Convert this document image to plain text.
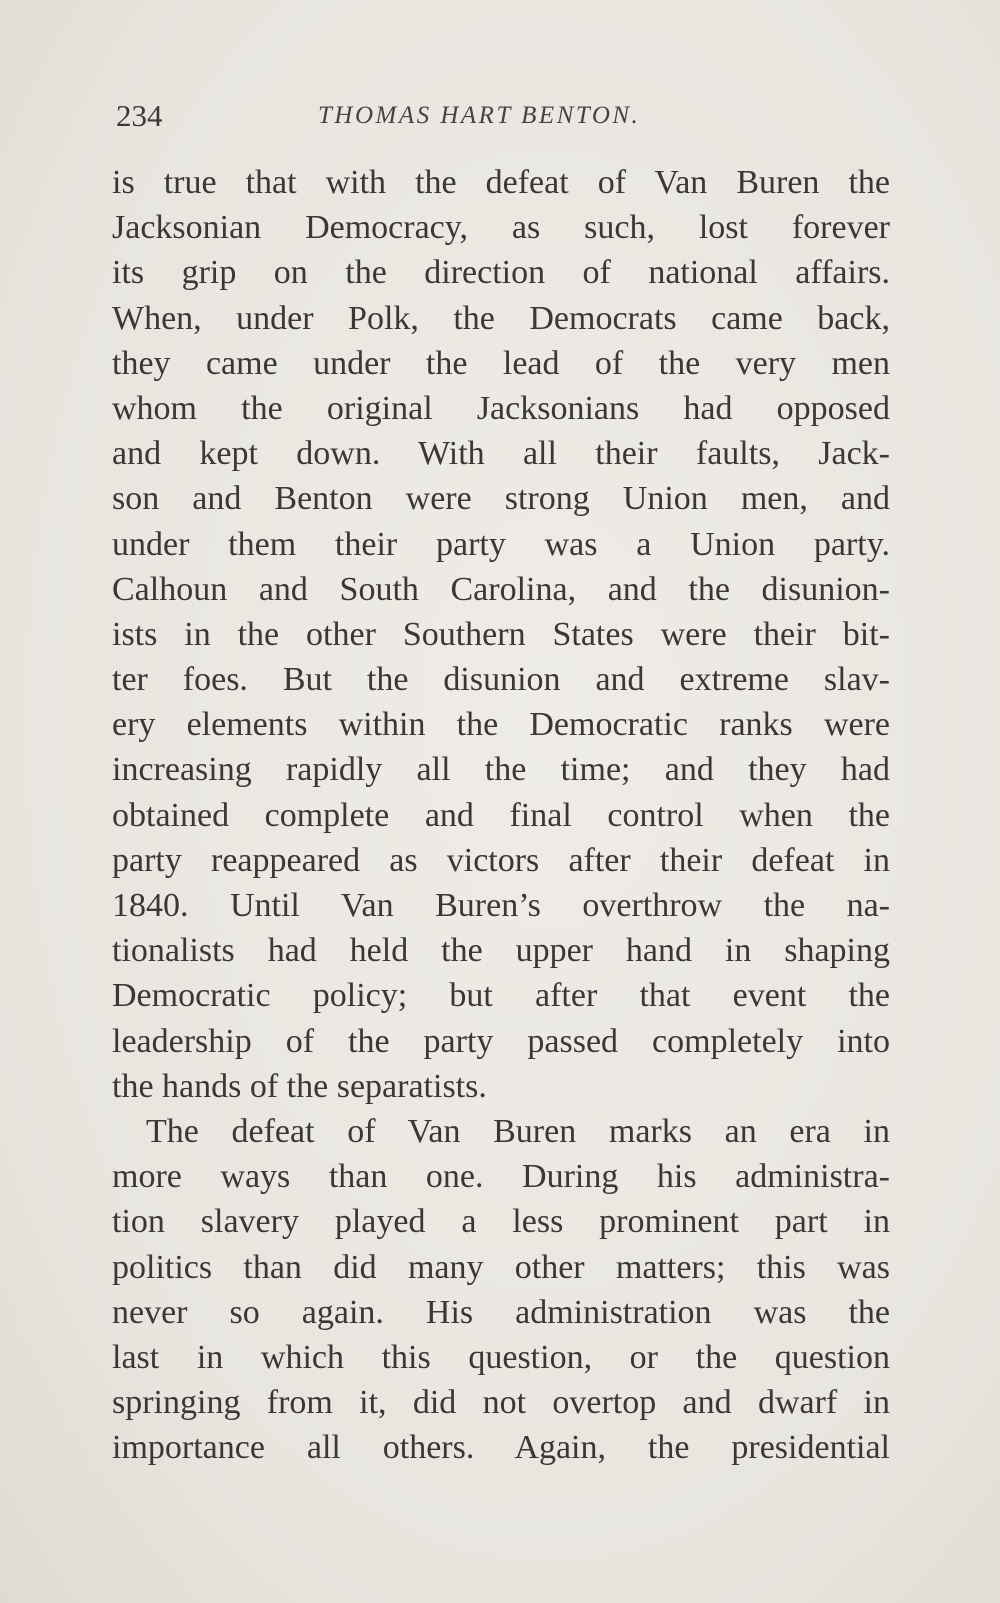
234	THOMAS HART BENTON.
is true that with the defeat of Van Buren the
Jacksonian Democracy, as such, lost forever
its grip on the direction of national affairs.
When, under Polk, the Democrats came back,
they came under the lead of the very men
whom the original Jacksonians had opposed
and kept down. With all their faults, Jack-
son and Benton were strong Union men, and
under them their party was a Union party.
Calhoun and South Carolina, and the disunion-
ists in the other Southern States were their bit-
ter foes. But the disunion and extreme slav-
ery elements within the Democratic ranks were
increasing rapidly all the time; and they had
obtained complete and final control when the
party reappeared as victors after their defeat in
1840. Until Van Buren’s overthrow the na-
tionalists had held the upper hand in shaping
Democratic policy; but after that event the
leadership of the party passed completely into
the hands of the separatists.
The defeat of Van Buren marks an era in
more ways than one. During his administra-
tion slavery played a less prominent part in
politics than did many other matters; this was
never so again. His administration was the
last in which this question, or the question
springing from it, did not overtop and dwarf in
importance all others. Again, the presidential
